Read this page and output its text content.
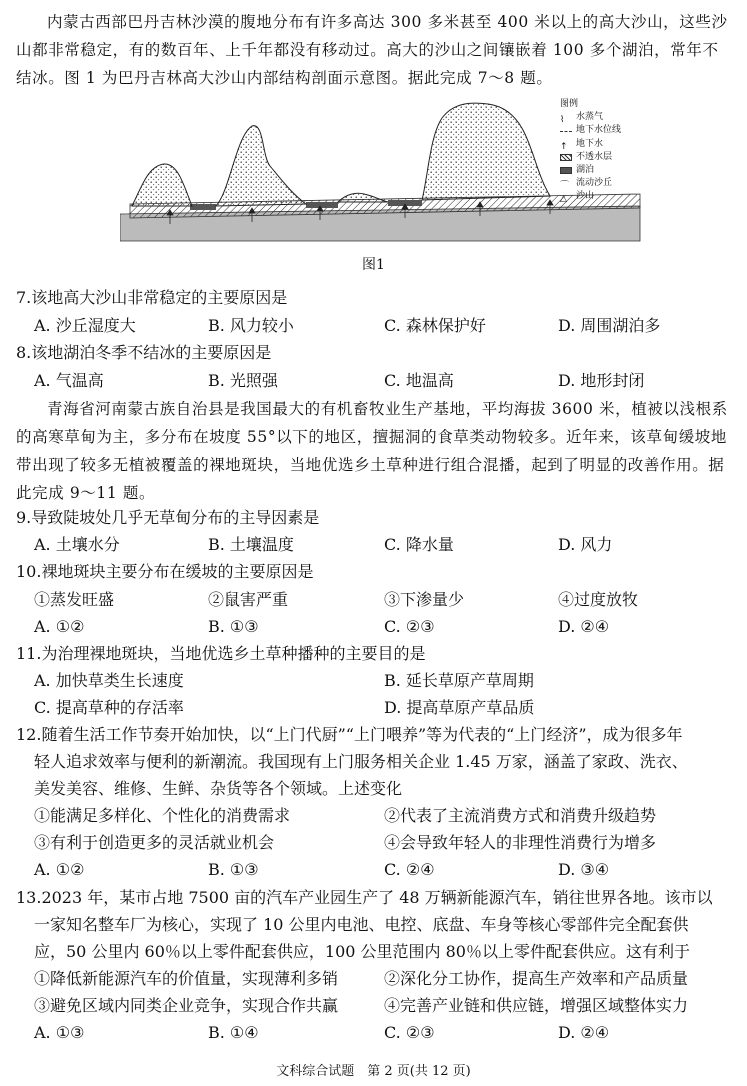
内蒙古西部巴丹吉林沙漠的腹地分布有许多高达 300 多米甚至 400 米以上的高大沙山，这些沙山都非常稳定，有的数百年、上千年都没有移动过。高大的沙山之间镶嵌着 100 多个湖泊，常年不结冰。图 1 为巴丹吉林高大沙山内部结构剖面示意图。据此完成 7～8 题。
图例
⌇	水蒸气
地下水位线
↑ 地下水
不透水层
湖泊
⌒ 流动沙丘
△	沙山
图1
7.该地高大沙山非常稳定的主要原因是
A. 沙丘湿度大	B. 风力较小	C. 森林保护好	D. 周围湖泊多
8.该地湖泊冬季不结冰的主要原因是
A. 气温高	B. 光照强	C. 地温高	D. 地形封闭
青海省河南蒙古族自治县是我国最大的有机畜牧业生产基地，平均海拔 3600 米，植被以浅根系的高寒草甸为主，多分布在坡度 55°以下的地区，擅掘洞的食草类动物较多。近年来，该草甸缓坡地带出现了较多无植被覆盖的裸地斑块，当地优选乡土草种进行组合混播，起到了明显的改善作用。据此完成 9～11 题。
9.导致陡坡处几乎无草甸分布的主导因素是
A. 土壤水分	B. 土壤温度	C. 降水量	D. 风力
10.裸地斑块主要分布在缓坡的主要原因是
①蒸发旺盛	②鼠害严重	③下渗量少	④过度放牧
A. ①②	B. ①③	C. ②③	D. ②④
11.为治理裸地斑块，当地优选乡土草种播种的主要目的是
A. 加快草类生长速度	B. 延长草原产草周期
C. 提高草种的存活率	D. 提高草原产草品质
12.随着生活工作节奏开始加快，以“上门代厨”“上门喂养”等为代表的“上门经济”，成为很多年
轻人追求效率与便利的新潮流。我国现有上门服务相关企业 1.45 万家，涵盖了家政、洗衣、
美发美容、维修、生鲜、杂货等各个领域。上述变化
①能满足多样化、个性化的消费需求	②代表了主流消费方式和消费升级趋势
③有利于创造更多的灵活就业机会	④会导致年轻人的非理性消费行为增多
A. ①②	B. ①③	C. ②④	D. ③④
13.2023 年，某市占地 7500 亩的汽车产业园生产了 48 万辆新能源汽车，销往世界各地。该市以
一家知名整车厂为核心，实现了 10 公里内电池、电控、底盘、车身等核心零部件完全配套供
应，50 公里内 60％以上零件配套供应，100 公里范围内 80％以上零件配套供应。这有利于
①降低新能源汽车的价值量，实现薄利多销	②深化分工协作，提高生产效率和产品质量
③避免区域内同类企业竞争，实现合作共赢	④完善产业链和供应链，增强区域整体实力
A. ①③	B. ①④	C. ②③	D. ②④
文科综合试题　第 2 页(共 12 页)
